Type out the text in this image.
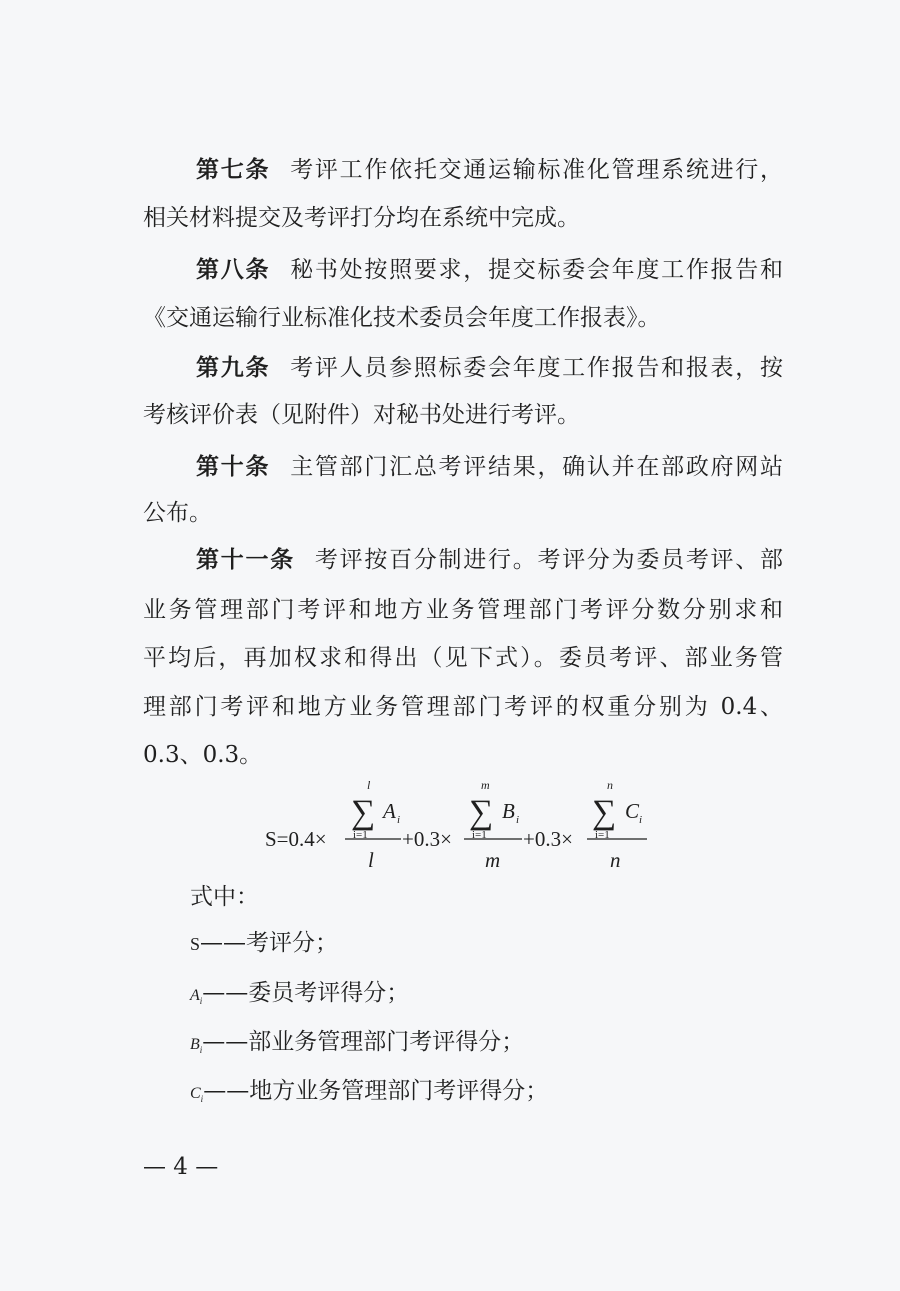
第七条 考评工作依托交通运输标准化管理系统进行，
相关材料提交及考评打分均在系统中完成。
第八条 秘书处按照要求，提交标委会年度工作报告和
《交通运输行业标准化技术委员会年度工作报表》。
第九条 考评人员参照标委会年度工作报告和报表，按
考核评价表（见附件）对秘书处进行考评。
第十条 主管部门汇总考评结果，确认并在部政府网站
公布。
第十一条 考评按百分制进行。考评分为委员考评、部
业务管理部门考评和地方业务管理部门考评分数分别求和
平均后，再加权求和得出（见下式）。委员考评、部业务管
理部门考评和地方业务管理部门考评的权重分别为 0.4、
0.3、0.3。
S=0.4×
l
∑
i=1
A i
l
+0.3×
m
∑
i=1
B i
m
+0.3×
n
∑
i=1
C i
n
式中：
S——考评分；
$A_i——$委员考评得分；
$B_i——$部业务管理部门考评得分；
$C_i——$地方业务管理部门考评得分；
— 4 —
